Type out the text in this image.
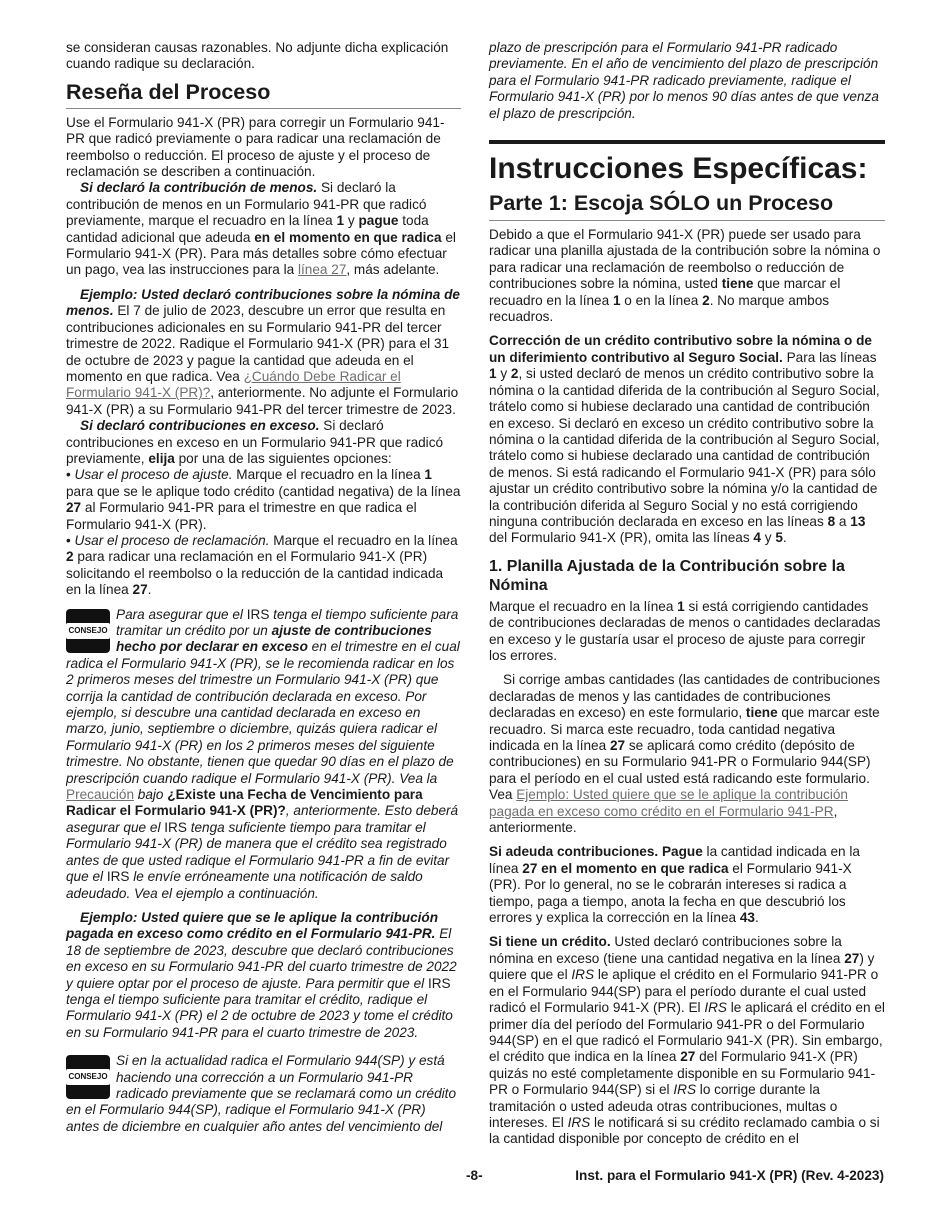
se consideran causas razonables. No adjunte dicha explicación cuando radique su declaración.

Reseña del Proceso

Use el Formulario 941-X (PR) para corregir un Formulario 941-PR que radicó previamente o para radicar una reclamación de reembolso o reducción. El proceso de ajuste y el proceso de reclamación se describen a continuación.

Si declaró la contribución de menos. Si declaró la contribución de menos en un Formulario 941-PR que radicó previamente, marque el recuadro en la línea 1 y pague toda cantidad adicional que adeuda en el momento en que radica el Formulario 941-X (PR). Para más detalles sobre cómo efectuar un pago, vea las instrucciones para la línea 27, más adelante.

Ejemplo: Usted declaró contribuciones sobre la nómina de menos. El 7 de julio de 2023, descubre un error que resulta en contribuciones adicionales en su Formulario 941-PR del tercer trimestre de 2022. Radique el Formulario 941-X (PR) para el 31 de octubre de 2023 y pague la cantidad que adeuda en el momento en que radica. Vea ¿Cuándo Debe Radicar el Formulario 941-X (PR)?, anteriormente. No adjunte el Formulario 941-X (PR) a su Formulario 941-PR del tercer trimestre de 2023.

Si declaró contribuciones en exceso. Si declaró contribuciones en exceso en un Formulario 941-PR que radicó previamente, elija por una de las siguientes opciones:

• Usar el proceso de ajuste. Marque el recuadro en la línea 1 para que se le aplique todo crédito (cantidad negativa) de la línea 27 al Formulario 941-PR para el trimestre en que radica el Formulario 941-X (PR).

• Usar el proceso de reclamación. Marque el recuadro en la línea 2 para radicar una reclamación en el Formulario 941-X (PR) solicitando el reembolso o la reducción de la cantidad indicada en la línea 27.

CONSEJO

Para asegurar que el IRS tenga el tiempo suficiente para tramitar un crédito por un ajuste de contribuciones hecho por declarar en exceso en el trimestre en el cual radica el Formulario 941-X (PR), se le recomienda radicar en los 2 primeros meses del trimestre un Formulario 941-X (PR) que corrija la cantidad de contribución declarada en exceso. Por ejemplo, si descubre una cantidad declarada en exceso en marzo, junio, septiembre o diciembre, quizás quiera radicar el Formulario 941-X (PR) en los 2 primeros meses del siguiente trimestre. No obstante, tienen que quedar 90 días en el plazo de prescripción cuando radique el Formulario 941-X (PR). Vea la Precaución bajo ¿Existe una Fecha de Vencimiento para Radicar el Formulario 941-X (PR)?, anteriormente. Esto deberá asegurar que el IRS tenga suficiente tiempo para tramitar el Formulario 941-X (PR) de manera que el crédito sea registrado antes de que usted radique el Formulario 941-PR a fin de evitar que el IRS le envíe erróneamente una notificación de saldo adeudado. Vea el ejemplo a continuación.

Ejemplo: Usted quiere que se le aplique la contribución pagada en exceso como crédito en el Formulario 941-PR. El 18 de septiembre de 2023, descubre que declaró contribuciones en exceso en su Formulario 941-PR del cuarto trimestre de 2022 y quiere optar por el proceso de ajuste. Para permitir que el IRS tenga el tiempo suficiente para tramitar el crédito, radique el Formulario 941-X (PR) el 2 de octubre de 2023 y tome el crédito en su Formulario 941-PR para el cuarto trimestre de 2023.

CONSEJO

Si en la actualidad radica el Formulario 944(SP) y está haciendo una corrección a un Formulario 941-PR radicado previamente que se reclamará como un crédito en el Formulario 944(SP), radique el Formulario 941-X (PR) antes de diciembre en cualquier año antes del vencimiento del

plazo de prescripción para el Formulario 941-PR radicado previamente. En el año de vencimiento del plazo de prescripción para el Formulario 941-PR radicado previamente, radique el Formulario 941-X (PR) por lo menos 90 días antes de que venza el plazo de prescripción.

Instrucciones Específicas:
Parte 1: Escoja SÓLO un Proceso

Debido a que el Formulario 941-X (PR) puede ser usado para radicar una planilla ajustada de la contribución sobre la nómina o para radicar una reclamación de reembolso o reducción de contribuciones sobre la nómina, usted tiene que marcar el recuadro en la línea 1 o en la línea 2. No marque ambos recuadros.

Corrección de un crédito contributivo sobre la nómina o de un diferimiento contributivo al Seguro Social. Para las líneas 1 y 2, si usted declaró de menos un crédito contributivo sobre la nómina o la cantidad diferida de la contribución al Seguro Social, trátelo como si hubiese declarado una cantidad de contribución en exceso. Si declaró en exceso un crédito contributivo sobre la nómina o la cantidad diferida de la contribución al Seguro Social, trátelo como si hubiese declarado una cantidad de contribución de menos. Si está radicando el Formulario 941-X (PR) para sólo ajustar un crédito contributivo sobre la nómina y/o la cantidad de la contribución diferida al Seguro Social y no está corrigiendo ninguna contribución declarada en exceso en las líneas 8 a 13 del Formulario 941-X (PR), omita las líneas 4 y 5.

1. Planilla Ajustada de la Contribución sobre la Nómina

Marque el recuadro en la línea 1 si está corrigiendo cantidades de contribuciones declaradas de menos o cantidades declaradas en exceso y le gustaría usar el proceso de ajuste para corregir los errores.

Si corrige ambas cantidades (las cantidades de contribuciones declaradas de menos y las cantidades de contribuciones declaradas en exceso) en este formulario, tiene que marcar este recuadro. Si marca este recuadro, toda cantidad negativa indicada en la línea 27 se aplicará como crédito (depósito de contribuciones) en su Formulario 941-PR o Formulario 944(SP) para el período en el cual usted está radicando este formulario. Vea Ejemplo: Usted quiere que se le aplique la contribución pagada en exceso como crédito en el Formulario 941-PR, anteriormente.

Si adeuda contribuciones. Pague la cantidad indicada en la línea 27 en el momento en que radica el Formulario 941-X (PR). Por lo general, no se le cobrarán intereses si radica a tiempo, paga a tiempo, anota la fecha en que descubrió los errores y explica la corrección en la línea 43.

Si tiene un crédito. Usted declaró contribuciones sobre la nómina en exceso (tiene una cantidad negativa en la línea 27) y quiere que el IRS le aplique el crédito en el Formulario 941-PR o en el Formulario 944(SP) para el período durante el cual usted radicó el Formulario 941-X (PR). El IRS le aplicará el crédito en el primer día del período del Formulario 941-PR o del Formulario 944(SP) en el que radicó el Formulario 941-X (PR). Sin embargo, el crédito que indica en la línea 27 del Formulario 941-X (PR) quizás no esté completamente disponible en su Formulario 941-PR o Formulario 944(SP) si el IRS lo corrige durante la tramitación o usted adeuda otras contribuciones, multas o intereses. El IRS le notificará si su crédito reclamado cambia o si la cantidad disponible por concepto de crédito en el

-8-	Inst. para el Formulario 941-X (PR) (Rev. 4-2023)
